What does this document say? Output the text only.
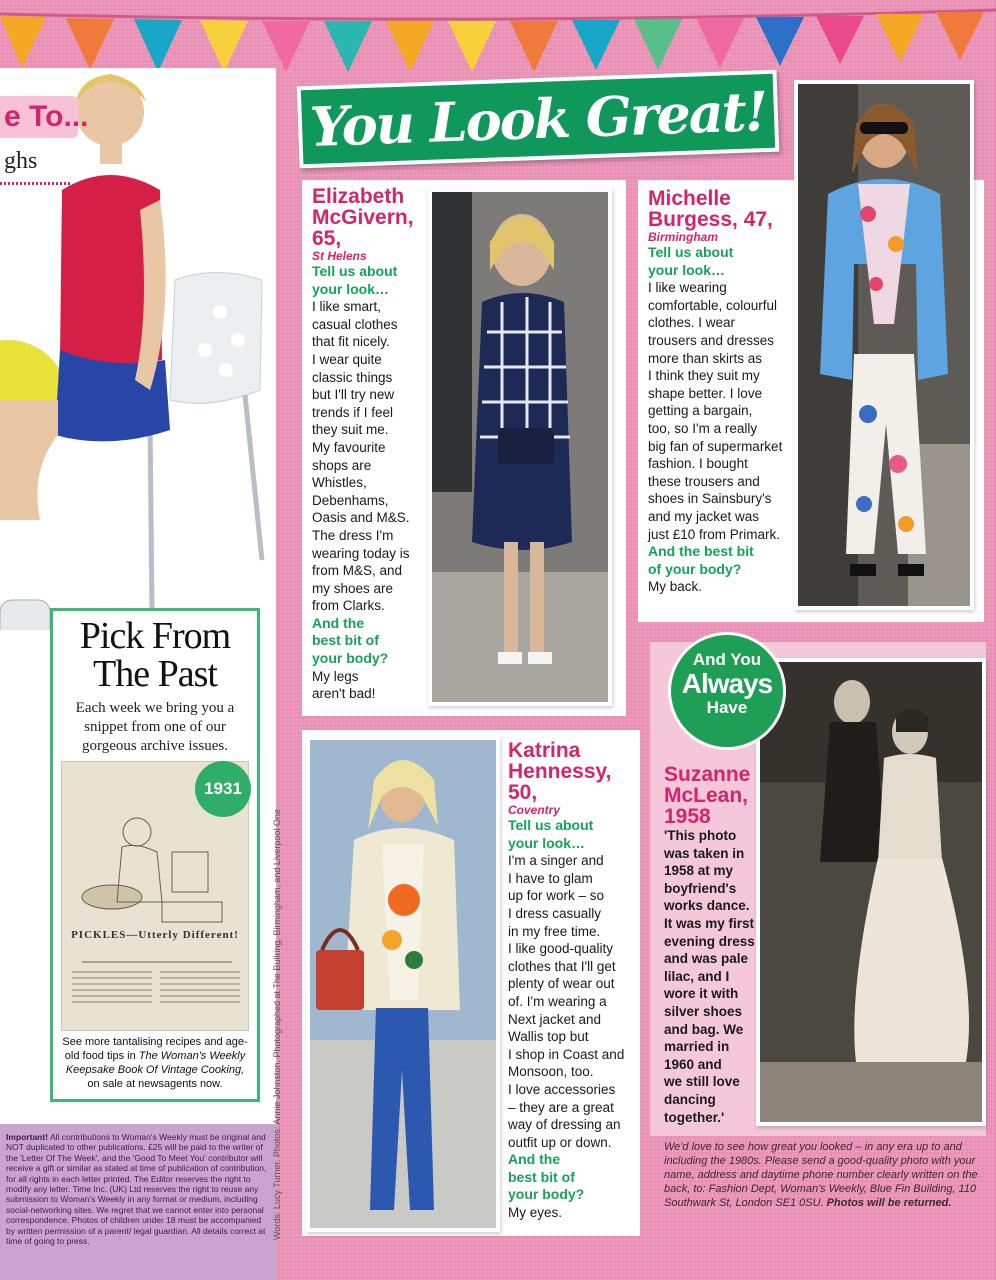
e To...
ghs
Pick From
The Past
Each week we bring you a snippet from one of our gorgeous archive issues.
PICKLES—Utterly Different!
1931
See more tantalising recipes and age-old food tips in The Woman's Weekly Keepsake Book Of Vintage Cooking, on sale at newsagents now.
Important! All contributions to Woman's Weekly must be original and NOT duplicated to other publications. £25 will be paid to the writer of the 'Letter Of The Week', and the 'Good To Meet You' contributor will receive a gift or similar as stated at time of publication of contribution, for all rights in each letter printed. The Editor reserves the right to modify any letter. Time Inc. (UK) Ltd reserves the right to reuse any submission to Woman's Weekly in any format or medium, including social-networking sites. We regret that we cannot enter into personal correspondence. Photos of children under 18 must be accompanied by written permission of a parent/ legal guardian. All details correct at time of going to press.
You Look Great!
Words: Lucy Turner. Photos: Annie Johnston. Photographed at The Bullring, Birmingham, and Liverpool One
Elizabeth
McGivern,
65,
St Helens
Tell us about
your look…
I like smart,
casual clothes
that fit nicely.
I wear quite
classic things
but I'll try new
trends if I feel
they suit me.
My favourite
shops are
Whistles,
Debenhams,
Oasis and M&S.
The dress I'm
wearing today is
from M&S, and
my shoes are
from Clarks.
And the
best bit of
your body?
My legs
aren't bad!
Michelle
Burgess, 47,
Birmingham
Tell us about
your look…
I like wearing
comfortable, colourful
clothes. I wear
trousers and dresses
more than skirts as
I think they suit my
shape better. I love
getting a bargain,
too, so I'm a really
big fan of supermarket
fashion. I bought
these trousers and
shoes in Sainsbury's
and my jacket was
just £10 from Primark.
And the best bit
of your body?
My back.
Katrina
Hennessy,
50,
Coventry
Tell us about
your look…
I'm a singer and
I have to glam
up for work – so
I dress casually
in my free time.
I like good-quality
clothes that I'll get
plenty of wear out
of. I'm wearing a
Next jacket and
Wallis top but
I shop in Coast and
Monsoon, too.
I love accessories
– they are a great
way of dressing an
outfit up or down.
And the
best bit of
your body?
My eyes.
And You
Always
Have
Suzanne
McLean,
1958
'This photo
was taken in
1958 at my
boyfriend's
works dance.
It was my first
evening dress
and was pale
lilac, and I
wore it with
silver shoes
and bag. We
married in
1960 and
we still love
dancing
together.'
We'd love to see how great you looked – in any era up to and including the 1980s. Please send a good-quality photo with your name, address and daytime phone number clearly written on the back, to: Fashion Dept, Woman's Weekly, Blue Fin Building, 110 Southwark St, London SE1 0SU. Photos will be returned.
